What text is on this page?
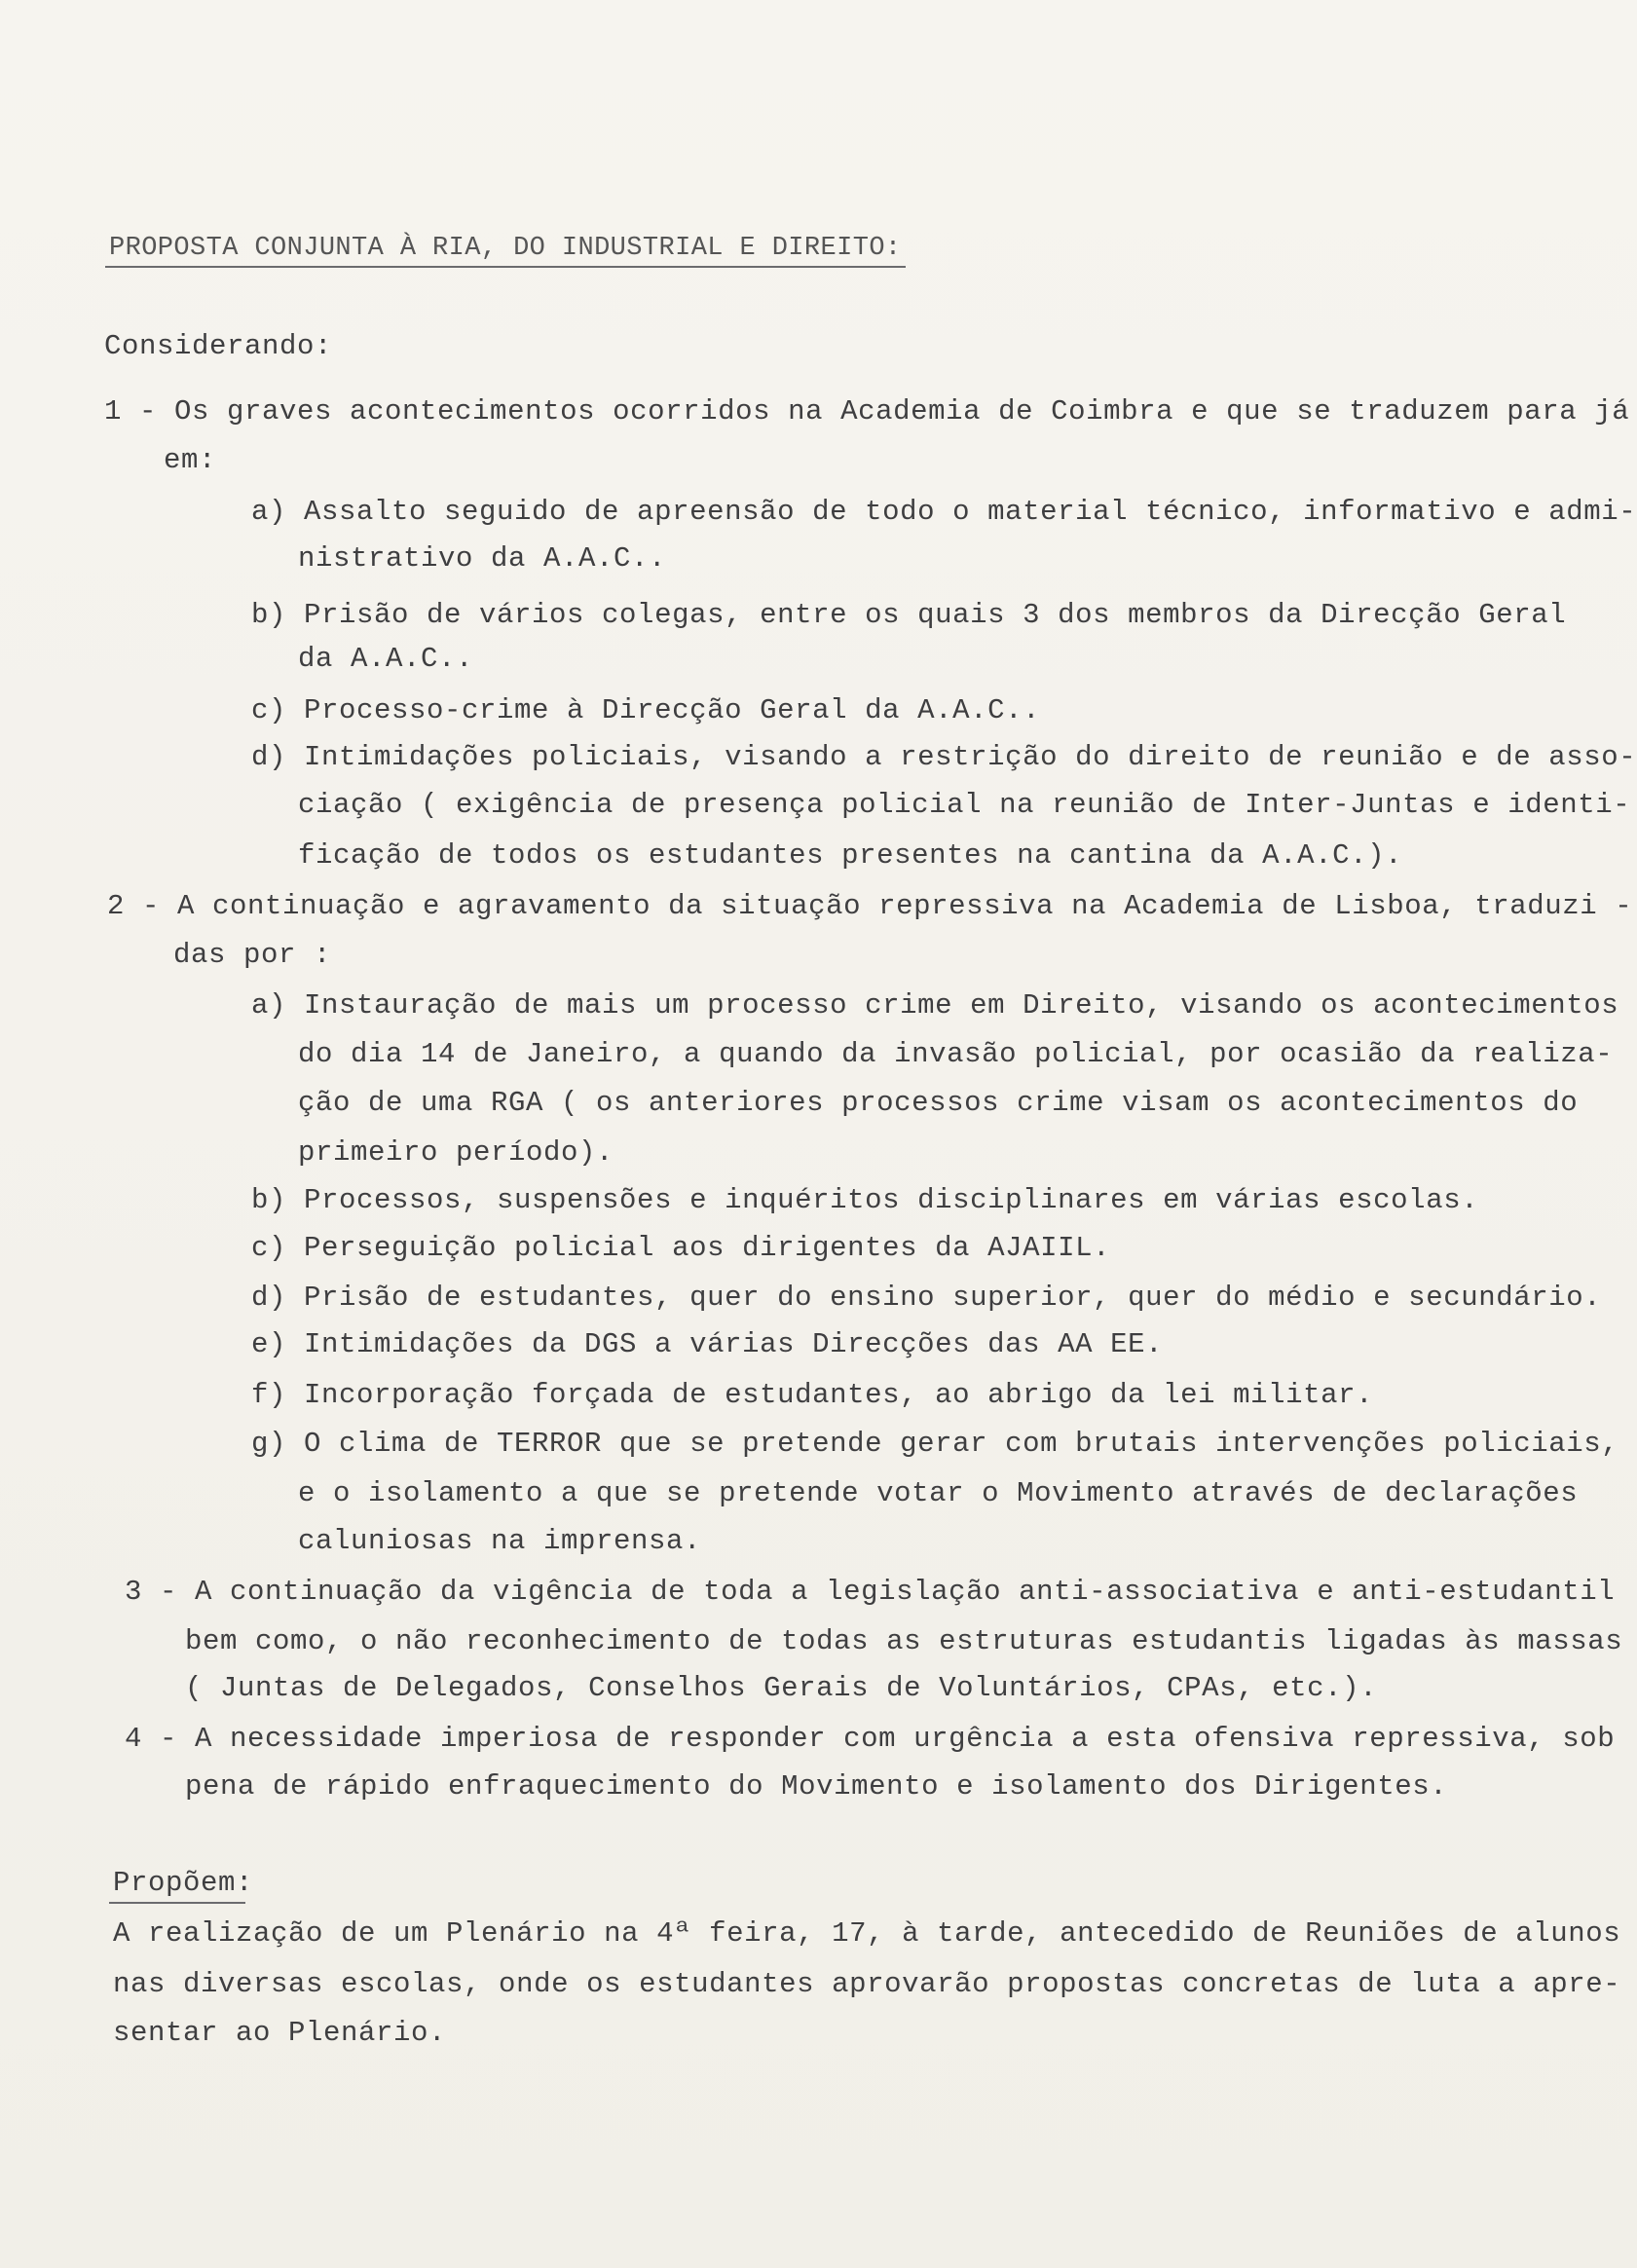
PROPOSTA CONJUNTA À RIA, DO INDUSTRIAL E DIREITO:
Considerando:
1 - Os graves acontecimentos ocorridos na Academia de Coimbra e que se traduzem para já
em:
a) Assalto seguido de apreensão de todo o material técnico, informativo e admi-
nistrativo da A.A.C..
b) Prisão de vários colegas, entre os quais 3 dos membros da Direcção Geral
da A.A.C..
c) Processo-crime à Direcção Geral da A.A.C..
d) Intimidações policiais, visando a restrição do direito de reunião e de asso-
ciação ( exigência de presença policial na reunião de Inter-Juntas e identi-
ficação de todos os estudantes presentes na cantina da A.A.C.).
2 - A continuação e agravamento da situação repressiva na Academia de Lisboa, traduzi -
das por :
a) Instauração de mais um processo crime em Direito, visando os acontecimentos
do dia 14 de Janeiro, a quando da invasão policial, por ocasião da realiza-
ção de uma RGA ( os anteriores processos crime visam os acontecimentos do
primeiro período).
b) Processos, suspensões e inquéritos disciplinares em várias escolas.
c) Perseguição policial aos dirigentes da AJAIIL.
d) Prisão de estudantes, quer do ensino superior, quer do médio e secundário.
e) Intimidações da DGS a várias Direcções das AA EE.
f) Incorporação forçada de estudantes, ao abrigo da lei militar.
g) O clima de TERROR que se pretende gerar com brutais intervenções policiais,
e o isolamento a que se pretende votar o Movimento através de declarações
caluniosas na imprensa.
3 - A continuação da vigência de toda a legislação anti-associativa e anti-estudantil
bem como, o não reconhecimento de todas as estruturas estudantis ligadas às massas
( Juntas de Delegados, Conselhos Gerais de Voluntários, CPAs, etc.).
4 - A necessidade imperiosa de responder com urgência a esta ofensiva repressiva, sob
pena de rápido enfraquecimento do Movimento e isolamento dos Dirigentes.
Propõem:
A realização de um Plenário na 4ª feira, 17, à tarde, antecedido de Reuniões de alunos
nas diversas escolas, onde os estudantes aprovarão propostas concretas de luta a apre-
sentar ao Plenário.
